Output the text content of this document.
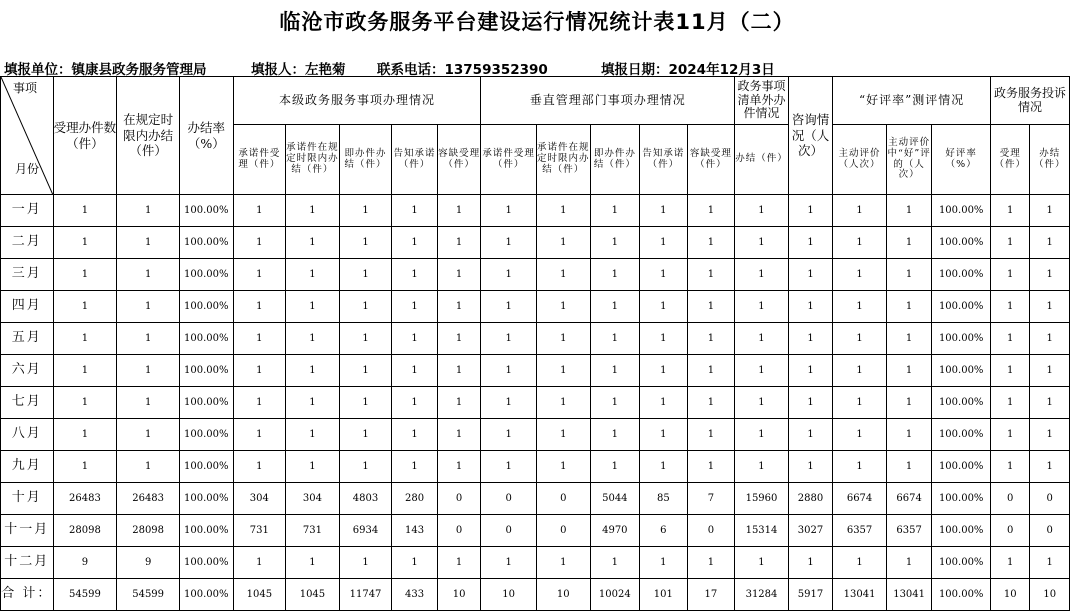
临沧市政务服务平台建设运行情况统计表11月（二）
填报单位：镇康县政务服务管理局	填报人：左艳菊 联系电话：13759352390	填报日期：2024年12月3日
事项
月份	受理办件数（件）	在规定时限内办结（件）	办结率（%）	本级政务服务事项办理情况					垂直管理部门事项办理情况					政务事项清单外办件情况	咨询情况（人次）	“好评率”测评情况			政务服务投诉情况	
				承诺件受理（件）	承诺件在规定时限内办结（件）	即办件办结（件）	告知承诺（件）	容缺受理（件）	承诺件受理（件）	承诺件在规定时限内办结（件）	即办件办结（件）	告知承诺（件）	容缺受理（件）	办结（件）		主动评价（人次）	主动评价中“好”评的（人次）	好评率（%）	受理（件）	办结（件）
一月	1	1	100.00%	1	1	1	1	1	1	1	1	1	1	1	1	1	1	100.00%	1	1
二月	1	1	100.00%	1	1	1	1	1	1	1	1	1	1	1	1	1	1	100.00%	1	1
三月	1	1	100.00%	1	1	1	1	1	1	1	1	1	1	1	1	1	1	100.00%	1	1
四月	1	1	100.00%	1	1	1	1	1	1	1	1	1	1	1	1	1	1	100.00%	1	1
五月	1	1	100.00%	1	1	1	1	1	1	1	1	1	1	1	1	1	1	100.00%	1	1
六月	1	1	100.00%	1	1	1	1	1	1	1	1	1	1	1	1	1	1	100.00%	1	1
七月	1	1	100.00%	1	1	1	1	1	1	1	1	1	1	1	1	1	1	100.00%	1	1
八月	1	1	100.00%	1	1	1	1	1	1	1	1	1	1	1	1	1	1	100.00%	1	1
九月	1	1	100.00%	1	1	1	1	1	1	1	1	1	1	1	1	1	1	100.00%	1	1
十月	26483	26483	100.00%	304	304	4803	280	0	0	0	5044	85	7	15960	2880	6674	6674	100.00%	0	0
十一月	28098	28098	100.00%	731	731	6934	143	0	0	0	4970	6	0	15314	3027	6357	6357	100.00%	0	0
十二月	9	9	100.00%	1	1	1	1	1	1	1	1	1	1	1	1	1	1	100.00%	1	1
合 计：	54599	54599	100.00%	1045	1045	11747	433	10	10	10	10024	101	17	31284	5917	13041	13041	100.00%	10	10
